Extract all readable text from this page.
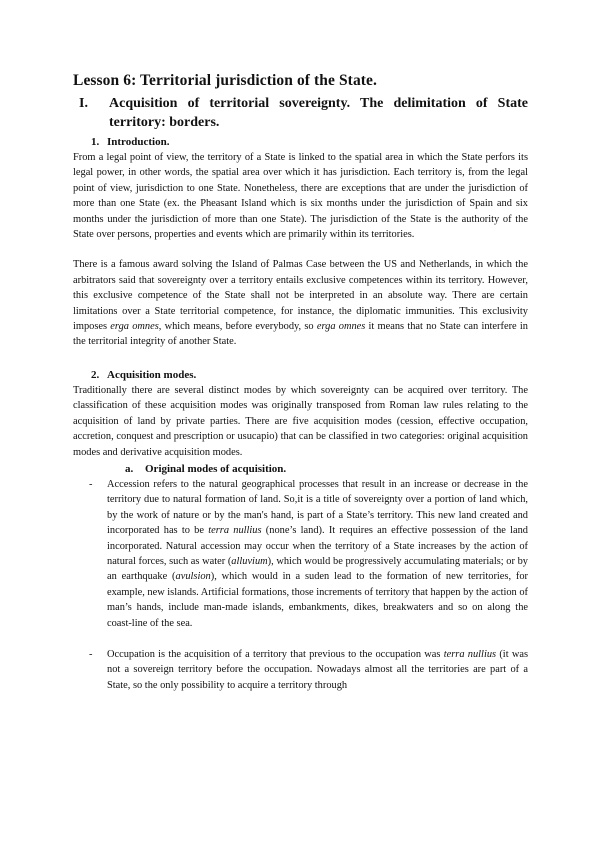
Lesson 6: Territorial jurisdiction of the State.
I.	Acquisition of territorial sovereignty. The delimitation of State territory: borders.
1. Introduction.

From a legal point of view, the territory of a State is linked to the spatial area in which the State perfors its legal power, in other words, the spatial area over which it has jurisdiction. Each territory is, from the legal point of view, jurisdiction to one State. Nonetheless, there are exceptions that are under the jurisdiction of more than one State (ex. the Pheasant Island which is six months under the jurisdiction of Spain and six months under the jurisdiction of more than one State). The jurisdiction of the State is the authority of the State over persons, properties and events which are primarily within its territories.

There is a famous award solving the Island of Palmas Case between the US and Netherlands, in which the arbitrators said that sovereignty over a territory entails exclusive competences within its territory. However, this exclusive competence of the State shall not be interpreted in an absolute way. There are certain limitations over a State territorial competence, for instance, the diplomatic immunities. This exclusivity imposes erga omnes, which means, before everybody, so erga omnes it means that no State can interfere in the territorial integrity of another State.

2. Acquisition modes.

Traditionally there are several distinct modes by which sovereignty can be acquired over territory. The classification of these acquisition modes was originally transposed from Roman law rules relating to the acquisition of land by private parties. There are five acquisition modes (cession, effective occupation, accretion, conquest and prescription or usucapio) that can be classified in two categories: original acquisition modes and derivative acquisition modes.

a. Original modes of acquisition.
-	Accession refers to the natural geographical processes that result in an increase or decrease in the territory due to natural formation of land. So,it is a title of sovereignty over a portion of land which, by the work of nature or by the man's hand, is part of a State’s territory. This new land created and incorporated has to be terra nullius (none’s land). It requires an effective possession of the land incorporated. Natural accession may occur when the territory of a State increases by the action of natural forces, such as water (alluvium), which would be progressively accumulating materials; or by an earthquake (avulsion), which would in a suden lead to the formation of new territories, for example, new islands. Artificial formations, those increments of territory that happen by the action of man’s hands, include man-made islands, embankments, dikes, breakwaters and so on along the coast-line of the sea.
-	Occupation is the acquisition of a territory that previous to the occupation was terra nullius (it was not a sovereign territory before the occupation. Nowadays almost all the territories are part of a State, so the only possibility to acquire a territory through
